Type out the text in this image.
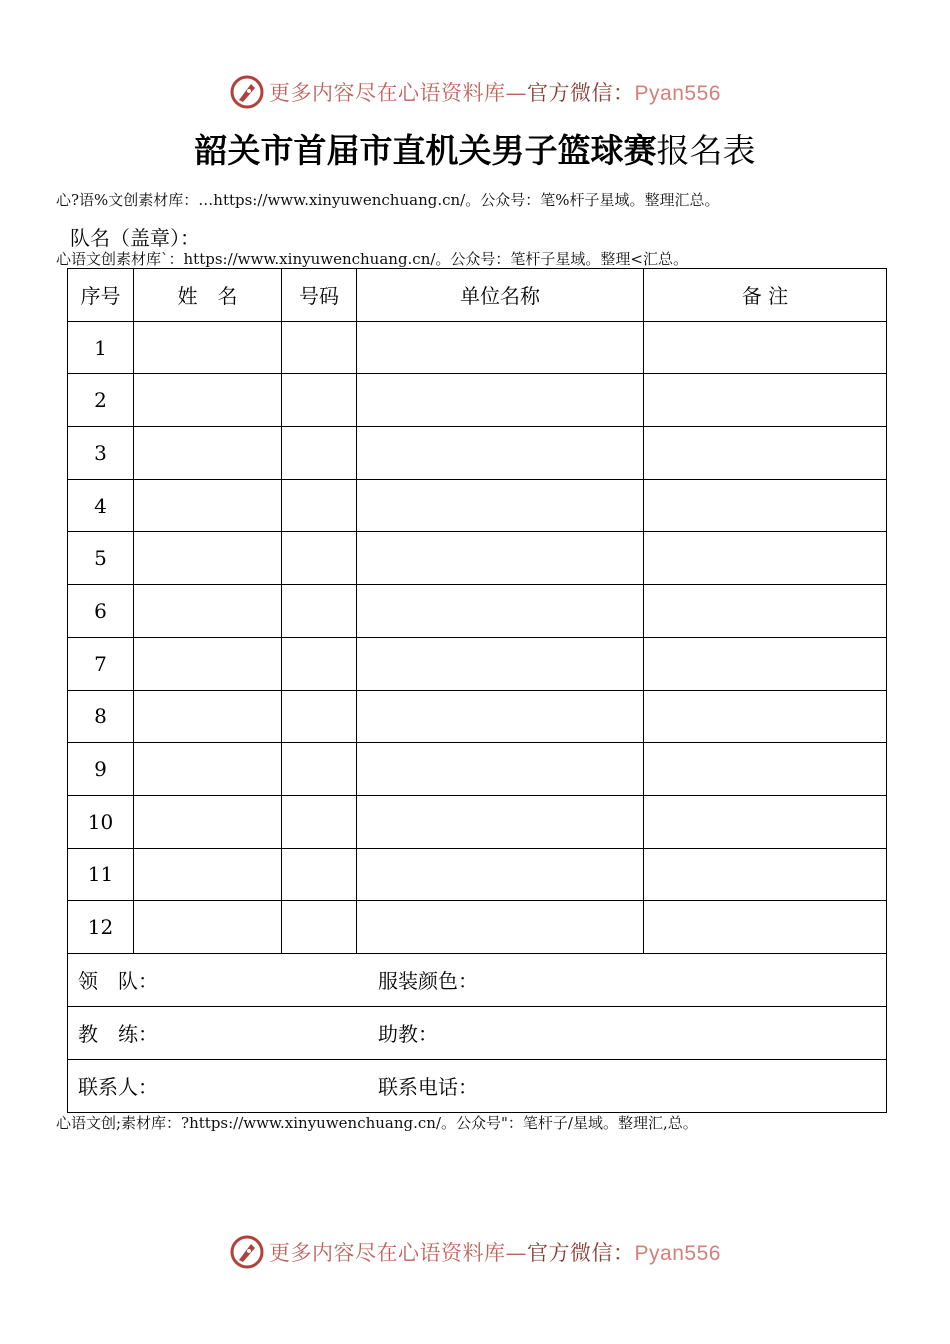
更多内容尽在心语资料库—官方微信：Pyan556
韶关市首届市直机关男子篮球赛报名表
心?语%文创素材库：…https://www.xinyuwenchuang.cn/。公众号：笔%杆子星域。整理汇总。
队名（盖章）：
心语文创素材库`：https://www.xinyuwenchuang.cn/。公众号：笔杆子星域。整理<汇总。
序号	姓　名	号码	单位名称	备 注
1				
2				
3				
4				
5				
6				
7				
8				
9				
10				
11				
12				

领　队： 服装颜色：				

教　练： 助教：				

联系人： 联系电话：				
心语文创;素材库：?https://www.xinyuwenchuang.cn/。公众号"：笔杆子/星域。整理汇,总。
更多内容尽在心语资料库—官方微信：Pyan556
